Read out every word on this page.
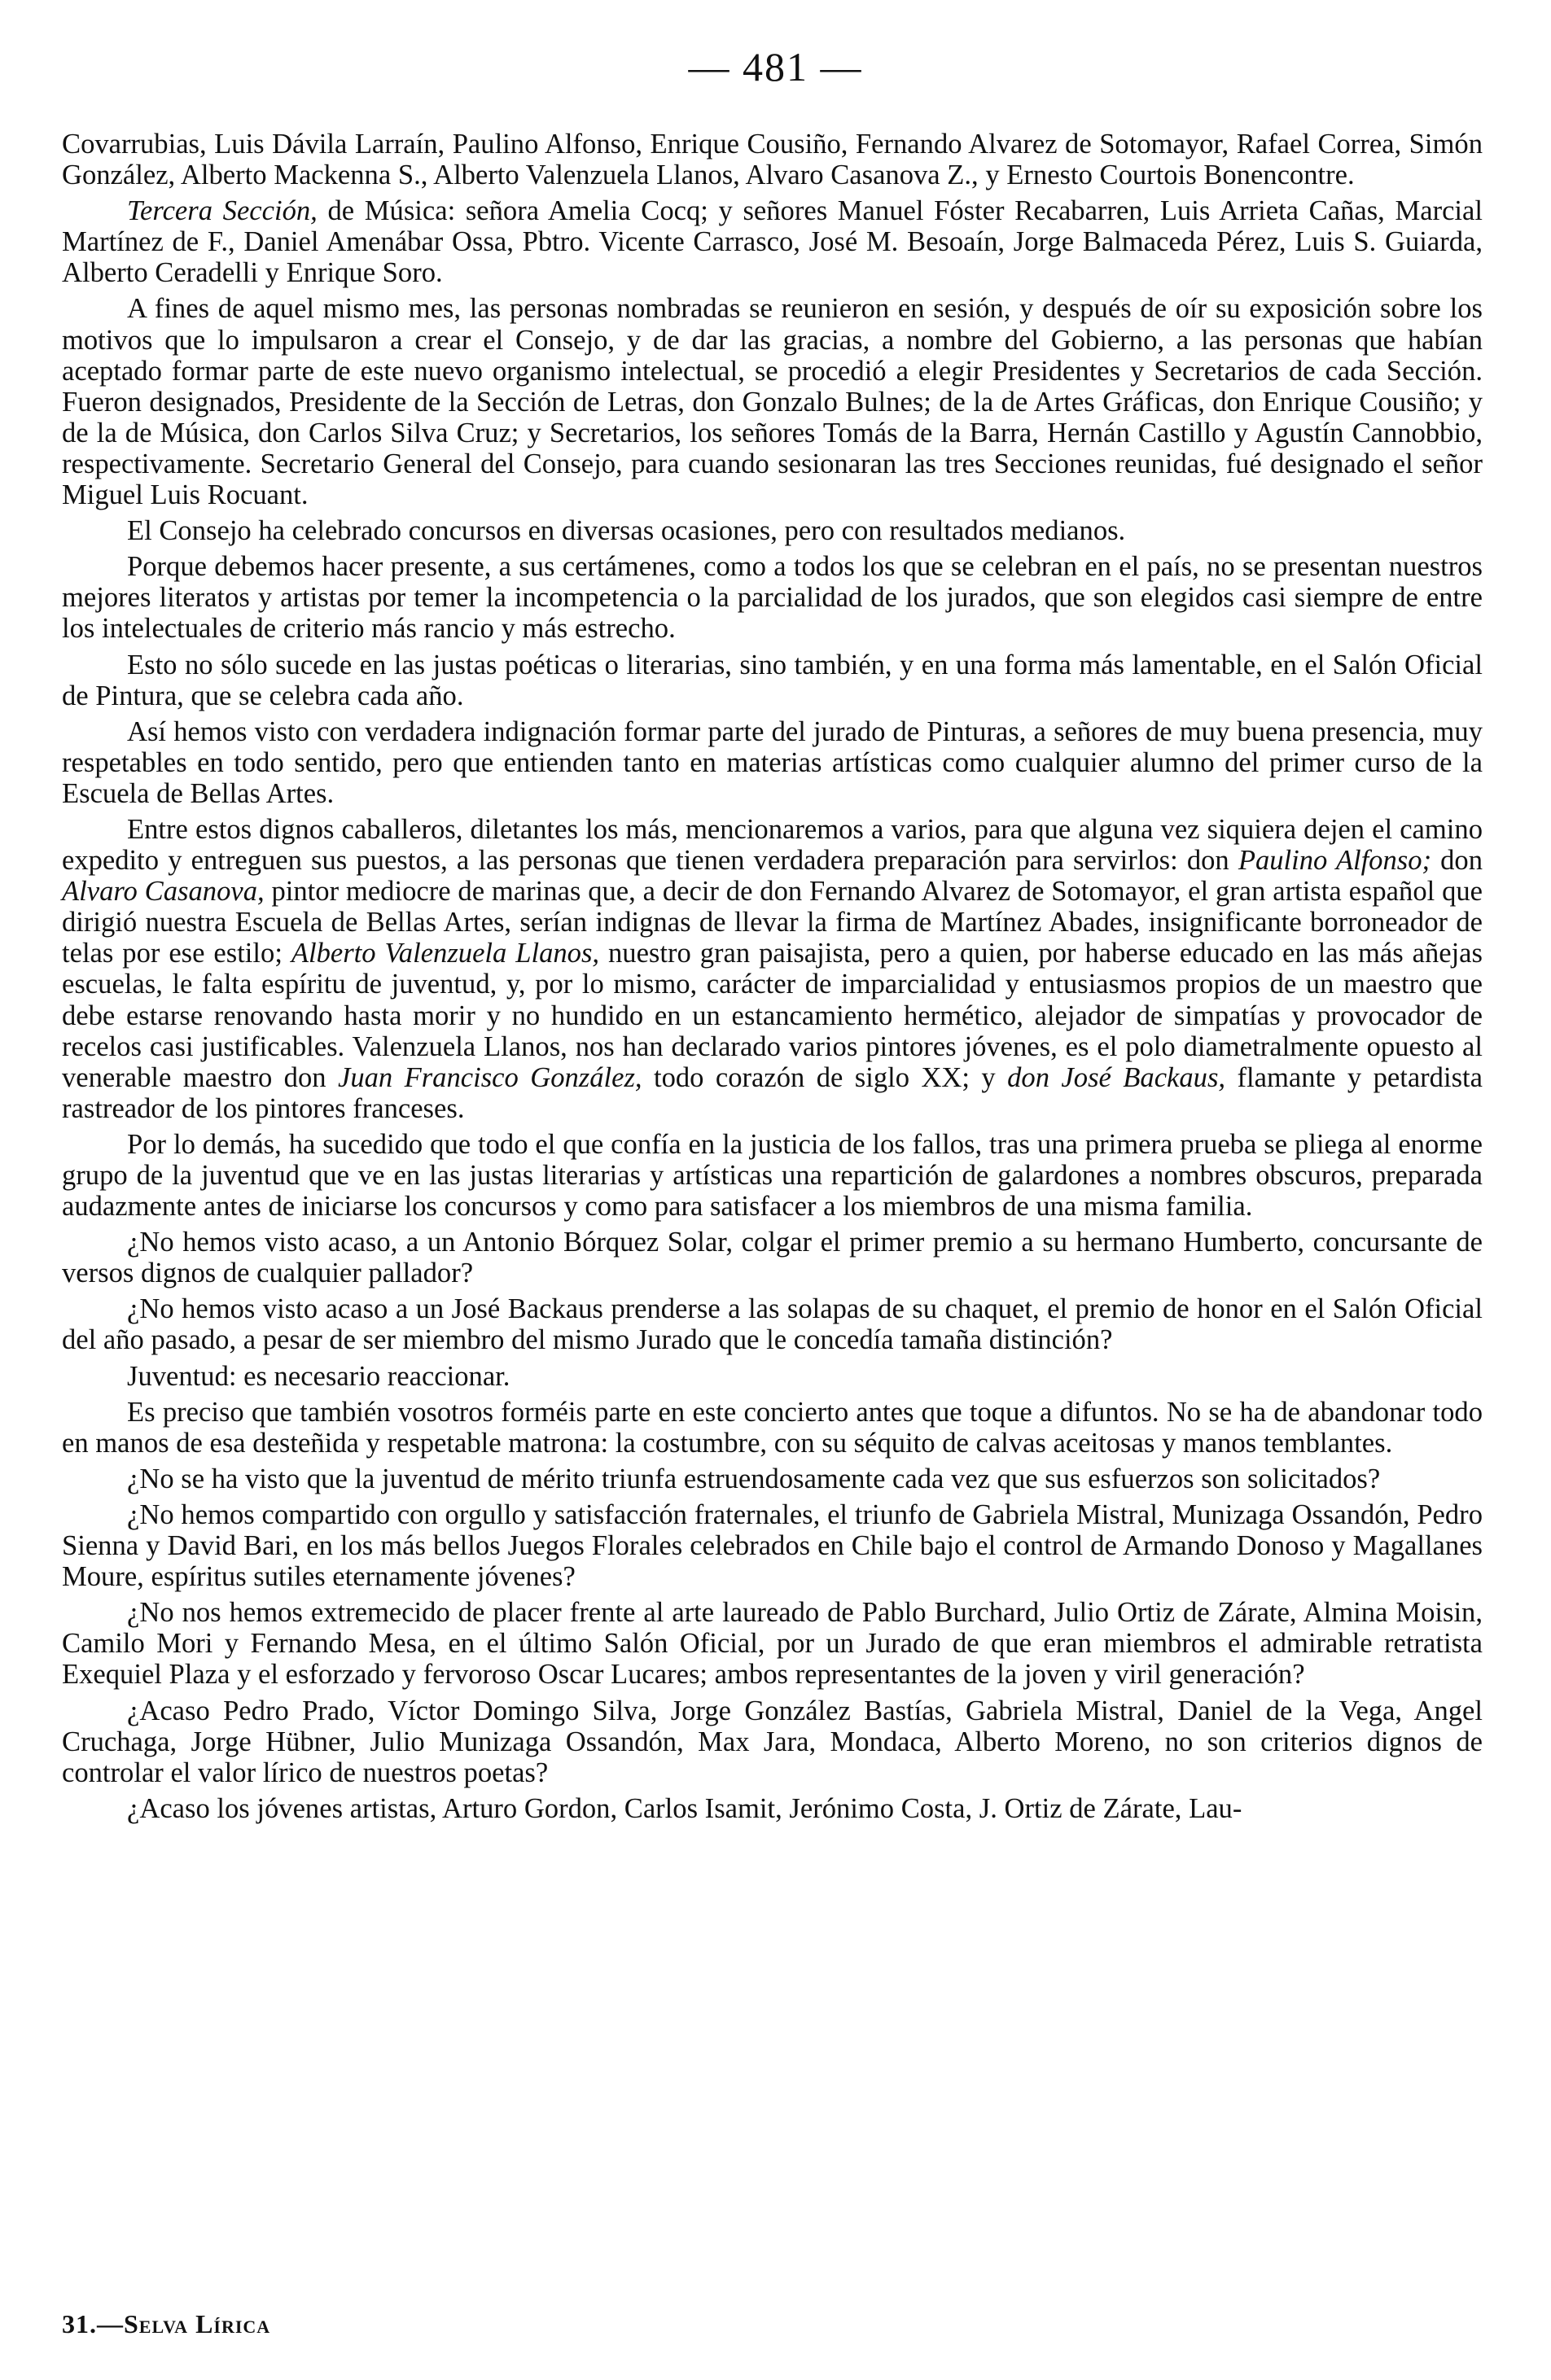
— 481 —

Covarrubias, Luis Dávila Larraín, Paulino Alfonso, Enrique Cousiño, Fernando Alvarez de Sotomayor, Rafael Correa, Simón González, Alberto Mackenna S., Alberto Valenzuela Llanos, Alvaro Casanova Z., y Ernesto Courtois Bonencontre.

Tercera Sección, de Música: señora Amelia Cocq; y señores Manuel Fóster Recabarren, Luis Arrieta Cañas, Marcial Martínez de F., Daniel Amenábar Ossa, Pbtro. Vicente Carrasco, José M. Besoaín, Jorge Balmaceda Pérez, Luis S. Guiarda, Alberto Ceradelli y Enrique Soro.

A fines de aquel mismo mes, las personas nombradas se reunieron en sesión, y después de oír su exposición sobre los motivos que lo impulsaron a crear el Consejo, y de dar las gracias, a nombre del Gobierno, a las personas que habían aceptado formar parte de este nuevo organismo intelectual, se procedió a elegir Presidentes y Secretarios de cada Sección. Fueron designados, Presidente de la Sección de Letras, don Gonzalo Bulnes; de la de Artes Gráficas, don Enrique Cousiño; y de la de Música, don Carlos Silva Cruz; y Secretarios, los señores Tomás de la Barra, Hernán Castillo y Agustín Cannobbio, respectivamente. Secretario General del Consejo, para cuando sesionaran las tres Secciones reunidas, fué designado el señor Miguel Luis Rocuant.

El Consejo ha celebrado concursos en diversas ocasiones, pero con resultados medianos.

Porque debemos hacer presente, a sus certámenes, como a todos los que se celebran en el país, no se presentan nuestros mejores literatos y artistas por temer la incompetencia o la parcialidad de los jurados, que son elegidos casi siempre de entre los intelectuales de criterio más rancio y más estrecho.

Esto no sólo sucede en las justas poéticas o literarias, sino también, y en una forma más lamentable, en el Salón Oficial de Pintura, que se celebra cada año.

Así hemos visto con verdadera indignación formar parte del jurado de Pinturas, a señores de muy buena presencia, muy respetables en todo sentido, pero que entienden tanto en materias artísticas como cualquier alumno del primer curso de la Escuela de Bellas Artes.

Entre estos dignos caballeros, diletantes los más, mencionaremos a varios, para que alguna vez siquiera dejen el camino expedito y entreguen sus puestos, a las personas que tienen verdadera preparación para servirlos: don Paulino Alfonso; don Alvaro Casanova, pintor mediocre de marinas que, a decir de don Fernando Alvarez de Sotomayor, el gran artista español que dirigió nuestra Escuela de Bellas Artes, serían indignas de llevar la firma de Martínez Abades, insignificante borroneador de telas por ese estilo; Alberto Valenzuela Llanos, nuestro gran paisajista, pero a quien, por haberse educado en las más añejas escuelas, le falta espíritu de juventud, y, por lo mismo, carácter de imparcialidad y entusiasmos propios de un maestro que debe estarse renovando hasta morir y no hundido en un estancamiento hermético, alejador de simpatías y provocador de recelos casi justificables. Valenzuela Llanos, nos han declarado varios pintores jóvenes, es el polo diametralmente opuesto al venerable maestro don Juan Francisco González, todo corazón de siglo XX; y don José Backaus, flamante y petardista rastreador de los pintores franceses.

Por lo demás, ha sucedido que todo el que confía en la justicia de los fallos, tras una primera prueba se pliega al enorme grupo de la juventud que ve en las justas literarias y artísticas una repartición de galardones a nombres obscuros, preparada audazmente antes de iniciarse los concursos y como para satisfacer a los miembros de una misma familia.

¿No hemos visto acaso, a un Antonio Bórquez Solar, colgar el primer premio a su hermano Humberto, concursante de versos dignos de cualquier pallador?

¿No hemos visto acaso a un José Backaus prenderse a las solapas de su chaquet, el premio de honor en el Salón Oficial del año pasado, a pesar de ser miembro del mismo Jurado que le concedía tamaña distinción?

Juventud: es necesario reaccionar.

Es preciso que también vosotros forméis parte en este concierto antes que toque a difuntos. No se ha de abandonar todo en manos de esa desteñida y respetable matrona: la costumbre, con su séquito de calvas aceitosas y manos temblantes.

¿No se ha visto que la juventud de mérito triunfa estruendosamente cada vez que sus esfuerzos son solicitados?

¿No hemos compartido con orgullo y satisfacción fraternales, el triunfo de Gabriela Mistral, Munizaga Ossandón, Pedro Sienna y David Bari, en los más bellos Juegos Florales celebrados en Chile bajo el control de Armando Donoso y Magallanes Moure, espíritus sutiles eternamente jóvenes?

¿No nos hemos extremecido de placer frente al arte laureado de Pablo Burchard, Julio Ortiz de Zárate, Almina Moisin, Camilo Mori y Fernando Mesa, en el último Salón Oficial, por un Jurado de que eran miembros el admirable retratista Exequiel Plaza y el esforzado y fervoroso Oscar Lucares; ambos representantes de la joven y viril generación?

¿Acaso Pedro Prado, Víctor Domingo Silva, Jorge González Bastías, Gabriela Mistral, Daniel de la Vega, Angel Cruchaga, Jorge Hübner, Julio Munizaga Ossandón, Max Jara, Mondaca, Alberto Moreno, no son criterios dignos de controlar el valor lírico de nuestros poetas?

¿Acaso los jóvenes artistas, Arturo Gordon, Carlos Isamit, Jerónimo Costa, J. Ortiz de Zárate, Lau-

31.—Selva Lírica
